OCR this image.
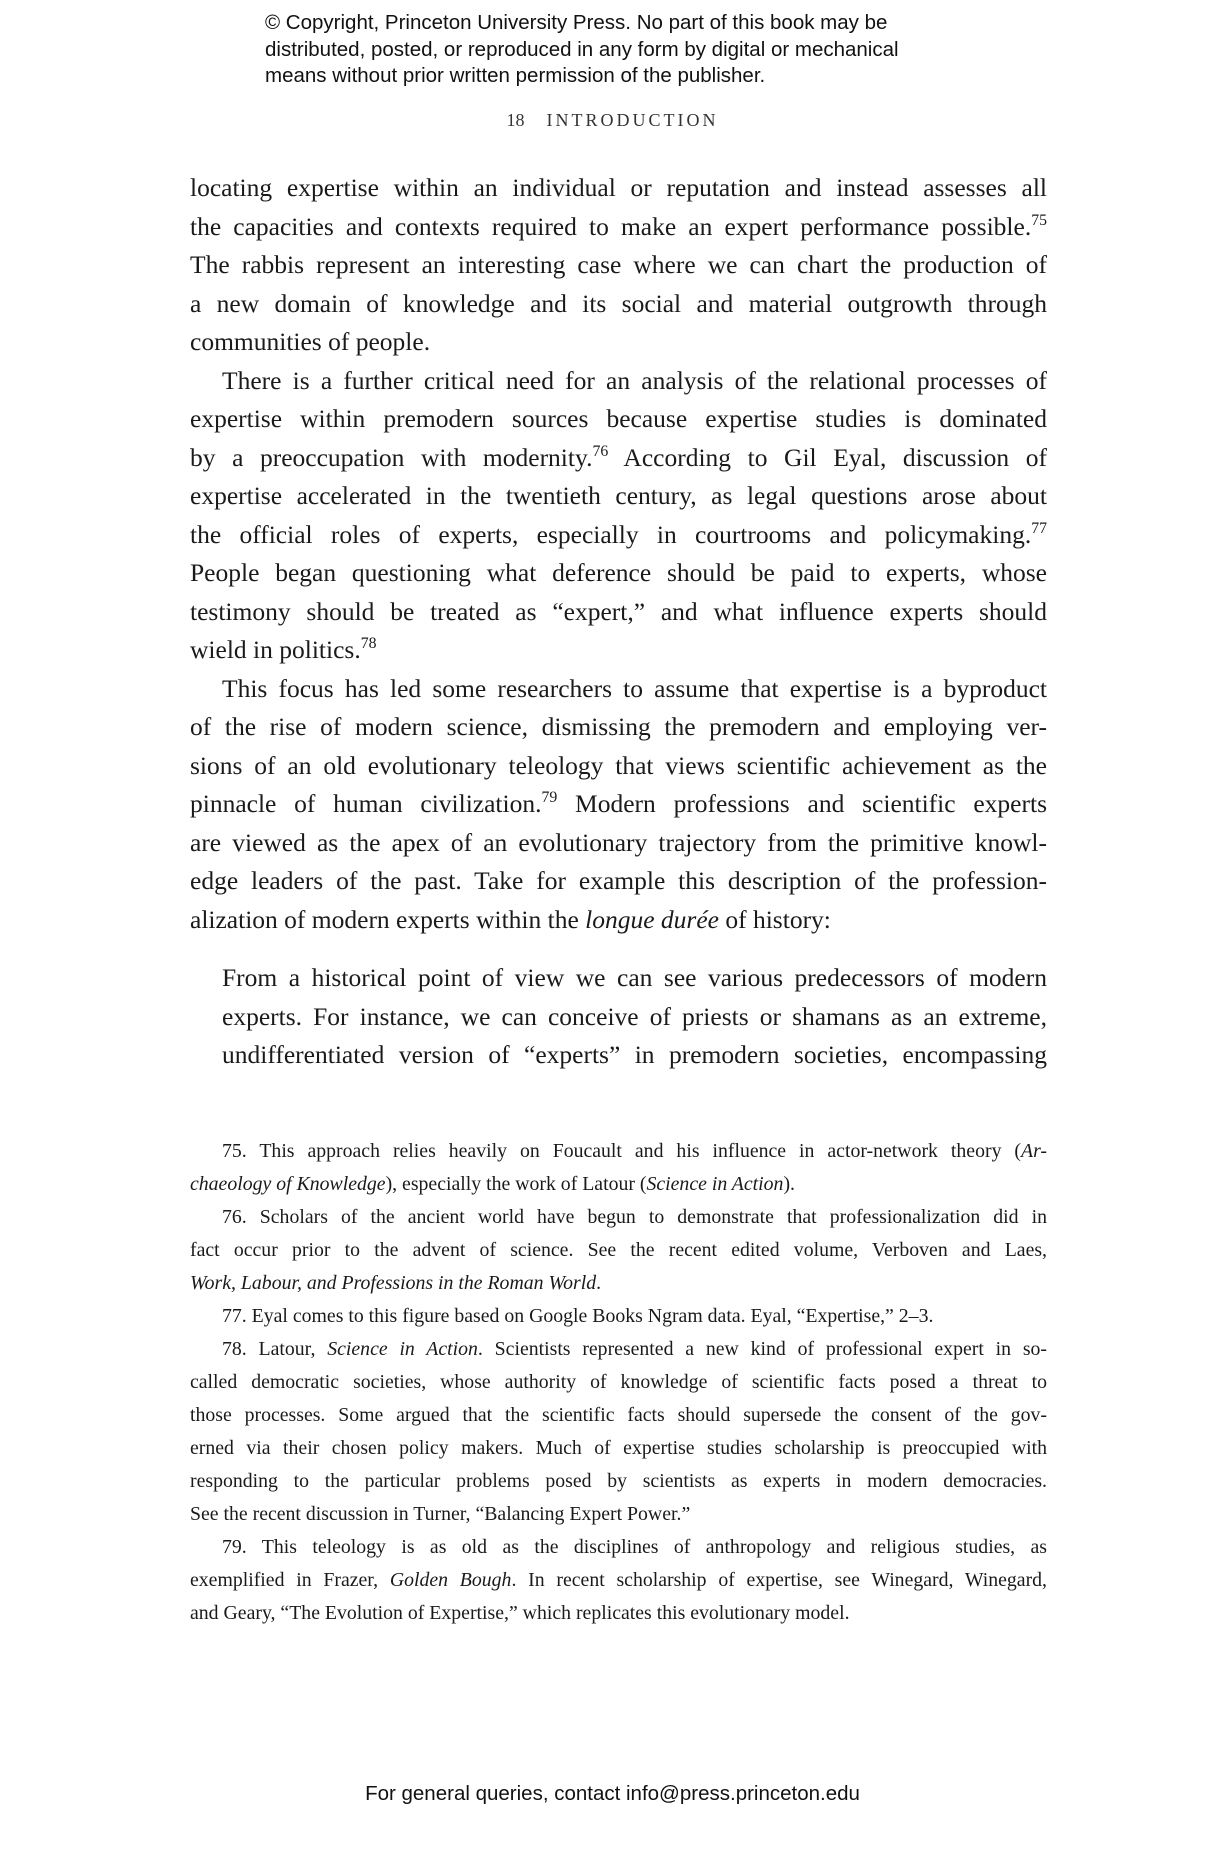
© Copyright, Princeton University Press. No part of this book may be
distributed, posted, or reproduced in any form by digital or mechanical
means without prior written permission of the publisher.
18 INTRODUCTION
locating expertise within an individual or reputation and instead assesses all
the capacities and contexts required to make an expert performance possible.$^{75}$
The rabbis represent an interesting case where we can chart the production of
a new domain of knowledge and its social and material outgrowth through
communities of people.
There is a further critical need for an analysis of the relational processes of
expertise within premodern sources because expertise studies is dominated
by a preoccupation with modernity.$^{76}$ According to Gil Eyal, discussion of
expertise accelerated in the twentieth century, as legal questions arose about
the official roles of experts, especially in courtrooms and policymaking.$^{77}$
People began questioning what deference should be paid to experts, whose
testimony should be treated as “expert,” and what influence experts should
wield in politics.$^{78}$
This focus has led some researchers to assume that expertise is a byproduct
of the rise of modern science, dismissing the premodern and employing ver-
sions of an old evolutionary teleology that views scientific achievement as the
pinnacle of human civilization.$^{79}$ Modern professions and scientific experts
are viewed as the apex of an evolutionary trajectory from the primitive knowl-
edge leaders of the past. Take for example this description of the profession-
alization of modern experts within the longue durée of history:
From a historical point of view we can see various predecessors of modern
experts. For instance, we can conceive of priests or shamans as an extreme,
undifferentiated version of “experts” in premodern societies, encompassing
75. This approach relies heavily on Foucault and his influence in actor-network theory (Ar-
chaeology of Knowledge), especially the work of Latour (Science in Action).
76. Scholars of the ancient world have begun to demonstrate that professionalization did in
fact occur prior to the advent of science. See the recent edited volume, Verboven and Laes,
Work, Labour, and Professions in the Roman World.
77. Eyal comes to this figure based on Google Books Ngram data. Eyal, “Expertise,” 2–3.
78. Latour, Science in Action. Scientists represented a new kind of professional expert in so-
called democratic societies, whose authority of knowledge of scientific facts posed a threat to
those processes. Some argued that the scientific facts should supersede the consent of the gov-
erned via their chosen policy makers. Much of expertise studies scholarship is preoccupied with
responding to the particular problems posed by scientists as experts in modern democracies.
See the recent discussion in Turner, “Balancing Expert Power.”
79. This teleology is as old as the disciplines of anthropology and religious studies, as
exemplified in Frazer, Golden Bough. In recent scholarship of expertise, see Winegard, Winegard,
and Geary, “The Evolution of Expertise,” which replicates this evolutionary model.
For general queries, contact info@press.princeton.edu
